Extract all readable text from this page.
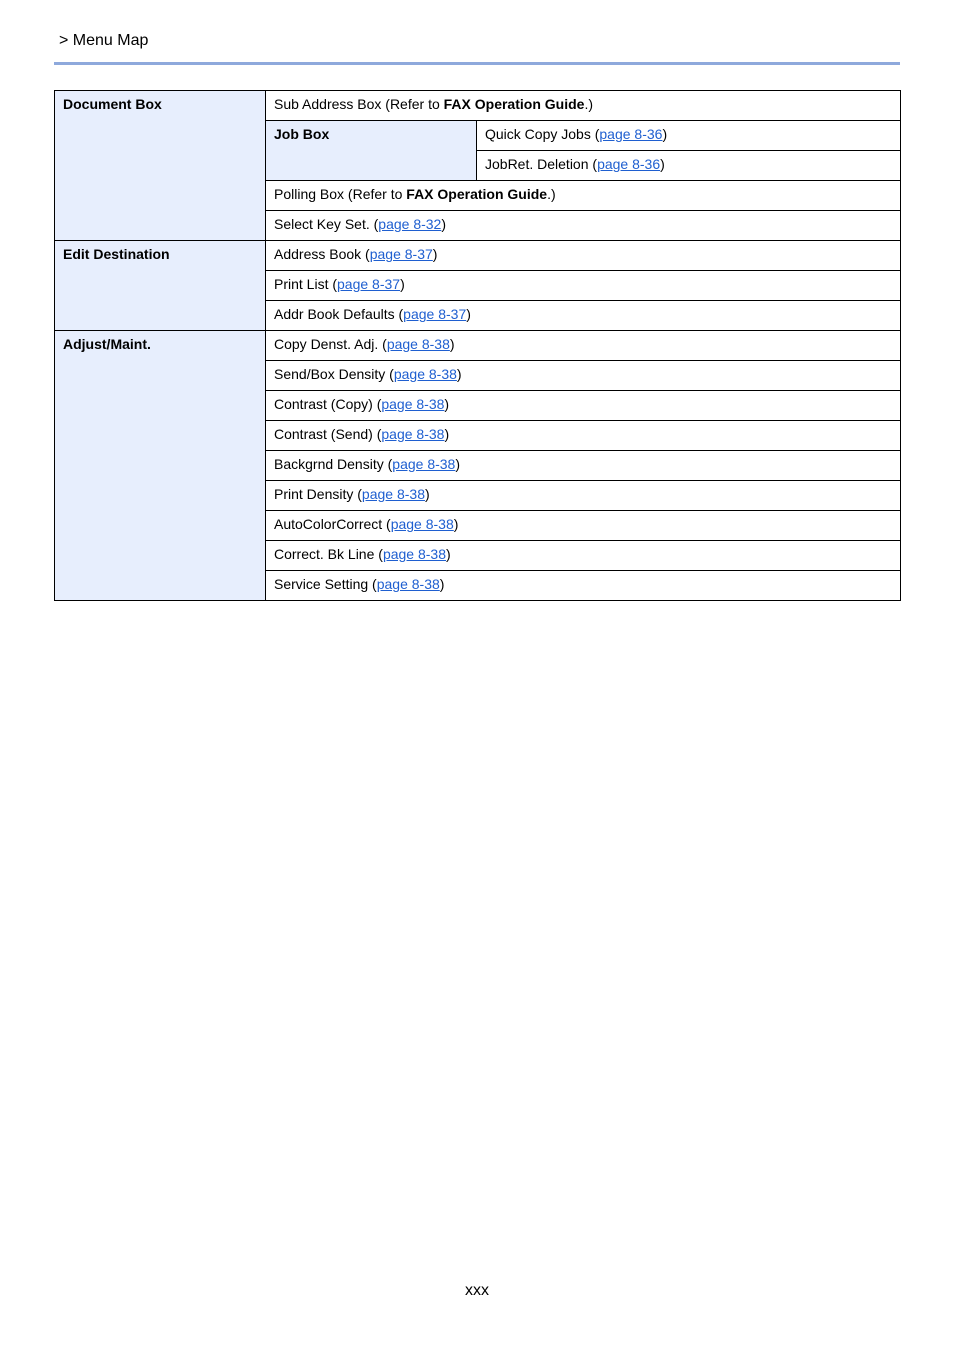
> Menu Map
Document Box	Sub Address Box (Refer to FAX Operation Guide.)	
	Job Box	Quick Copy Jobs (page 8-36)
		JobRet. Deletion (page 8-36)
	Polling Box (Refer to FAX Operation Guide.)	
	Select Key Set. (page 8-32)	
Edit Destination	Address Book (page 8-37)	
	Print List (page 8-37)	
	Addr Book Defaults (page 8-37)	
Adjust/Maint.	Copy Denst. Adj. (page 8-38)	
	Send/Box Density (page 8-38)	
	Contrast (Copy) (page 8-38)	
	Contrast (Send) (page 8-38)	
	Backgrnd Density (page 8-38)	
	Print Density (page 8-38)	
	AutoColorCorrect (page 8-38)	
	Correct. Bk Line (page 8-38)	
	Service Setting (page 8-38)	
xxx
